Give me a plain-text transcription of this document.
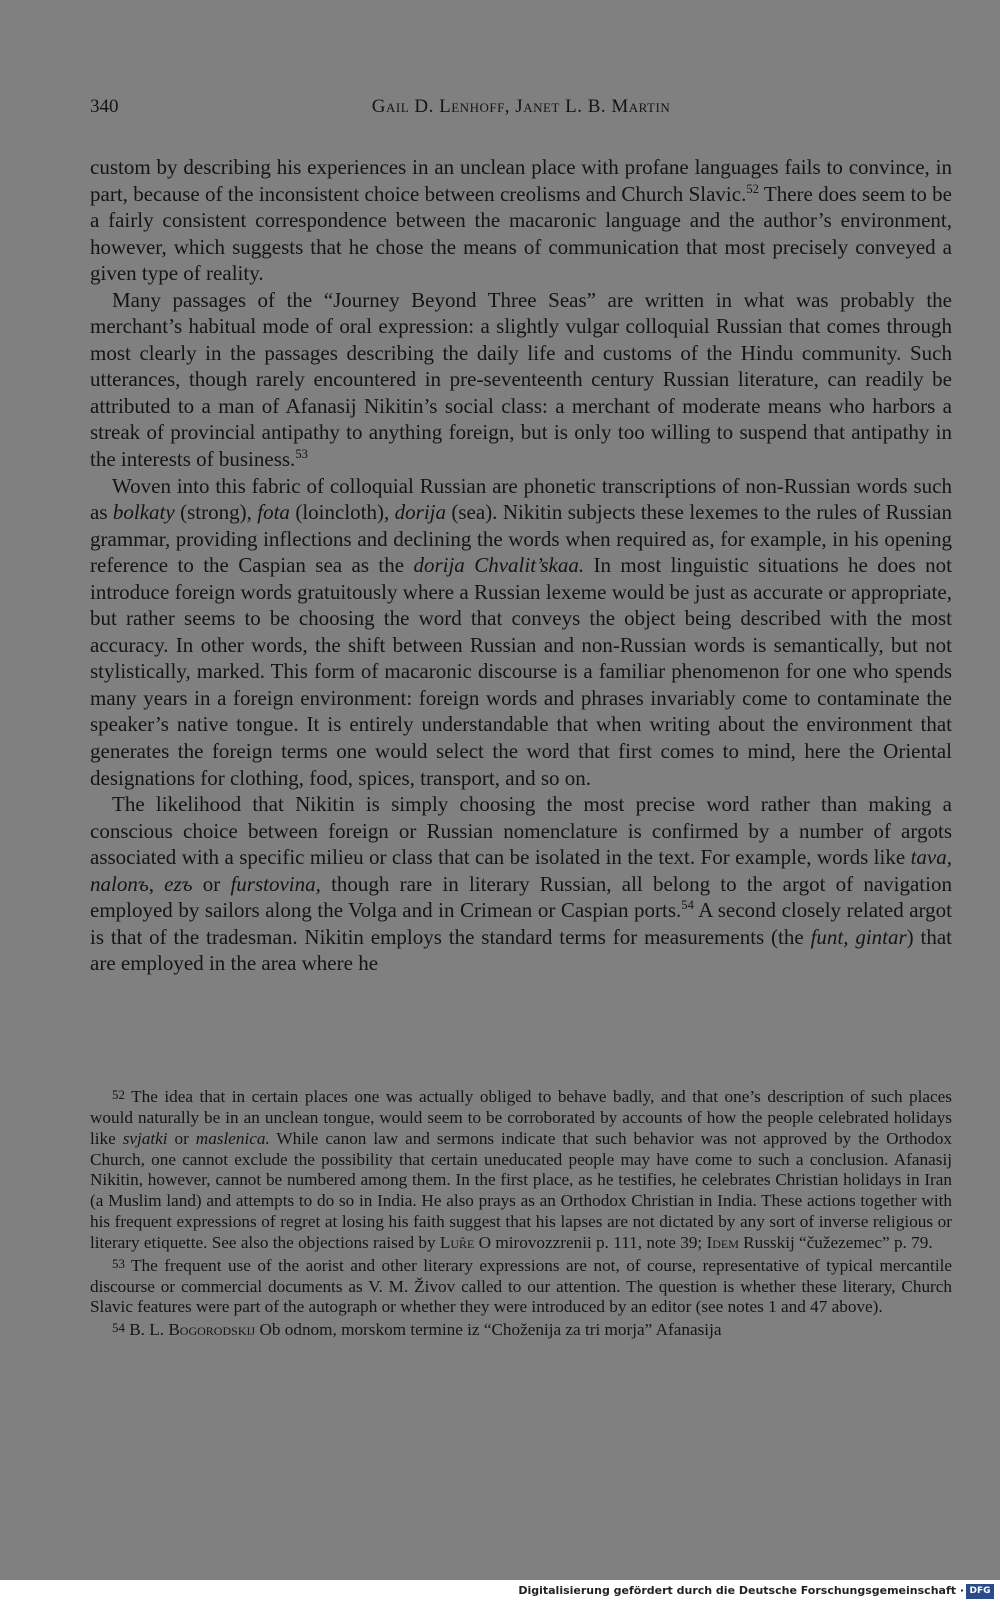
340	Gail D. Lenhoff, Janet L. B. Martin

custom by describing his experiences in an unclean place with profane languages fails to convince, in part, because of the inconsistent choice between creolisms and Church Slavic.$^{52}$ There does seem to be a fairly consistent correspondence between the macaronic language and the author’s environment, however, which suggests that he chose the means of communication that most precisely conveyed a given type of reality.

Many passages of the “Journey Beyond Three Seas” are written in what was probably the merchant’s habitual mode of oral expression: a slightly vulgar colloquial Russian that comes through most clearly in the passages describing the daily life and customs of the Hindu community. Such utterances, though rarely encountered in pre-seventeenth century Russian literature, can readily be attributed to a man of Afanasij Nikitin’s social class: a merchant of moderate means who harbors a streak of provincial antipathy to anything foreign, but is only too willing to suspend that antipathy in the interests of business.$^{53}$

Woven into this fabric of colloquial Russian are phonetic transcriptions of non-Russian words such as bolkaty (strong), fota (loincloth), dorija (sea). Nikitin subjects these lexemes to the rules of Russian grammar, providing inflections and declining the words when required as, for example, in his opening reference to the Caspian sea as the dorija Chvalit’skaa. In most linguistic situations he does not introduce foreign words gratuitously where a Russian lexeme would be just as accurate or appropriate, but rather seems to be choosing the word that conveys the object being described with the most accuracy. In other words, the shift between Russian and non-Russian words is semantically, but not stylistically, marked. This form of macaronic discourse is a familiar phenomenon for one who spends many years in a foreign environment: foreign words and phrases invariably come to contaminate the speaker’s native tongue. It is entirely understandable that when writing about the environment that generates the foreign terms one would select the word that first comes to mind, here the Oriental designations for clothing, food, spices, transport, and so on.

The likelihood that Nikitin is simply choosing the most precise word rather than making a conscious choice between foreign or Russian nomenclature is confirmed by a number of argots associated with a specific milieu or class that can be isolated in the text. For example, words like tava, nalonъ, ezъ or furstovina, though rare in literary Russian, all belong to the argot of navigation employed by sailors along the Volga and in Crimean or Caspian ports.$^{54}$ A second closely related argot is that of the tradesman. Nikitin employs the standard terms for measurements (the funt, gintar) that are employed in the area where he

52 The idea that in certain places one was actually obliged to behave badly, and that one’s description of such places would naturally be in an unclean tongue, would seem to be corroborated by accounts of how the people celebrated holidays like svjatki or maslenica. While canon law and sermons indicate that such behavior was not approved by the Orthodox Church, one cannot exclude the possibility that certain uneducated people may have come to such a conclusion. Afanasij Nikitin, however, cannot be numbered among them. In the first place, as he testifies, he celebrates Christian holidays in Iran (a Muslim land) and attempts to do so in India. He also prays as an Orthodox Christian in India. These actions together with his frequent expressions of regret at losing his faith suggest that his lapses are not dictated by any sort of inverse religious or literary etiquette. See also the objections raised by Lur̂e O mirovozzrenii p. 111, note 39; Idem Russkij “čužezemec” p. 79.

53 The frequent use of the aorist and other literary expressions are not, of course, representative of typical mercantile discourse or commercial documents as V. M. Živov called to our attention. The question is whether these literary, Church Slavic features were part of the autograph or whether they were introduced by an editor (see notes 1 and 47 above).

54 B. L. Bogorodskij Ob odnom, morskom termine iz “Choženija za tri morja” Afanasija

Digitalisierung gefördert durch die Deutsche Forschungsgemeinschaft · DFG
